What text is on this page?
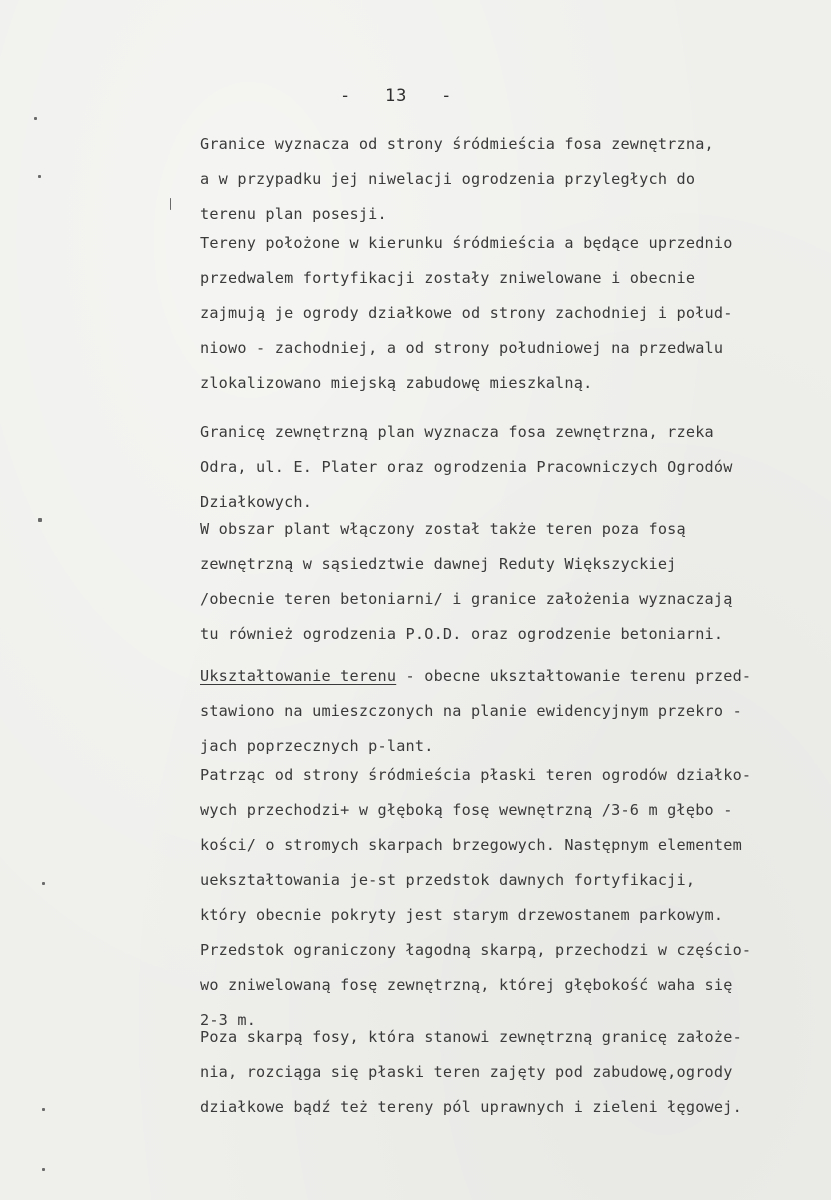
-   13   -
Granice wyznacza od strony śródmieścia fosa zewnętrzna,
a w przypadku jej niwelacji ogrodzenia przyległych do
terenu plan posesji.
Tereny położone w kierunku śródmieścia a będące uprzednio
przedwalem fortyfikacji zostały zniwelowane i obecnie
zajmują je ogrody działkowe od strony zachodniej i połud-
niowo - zachodniej, a od strony południowej na przedwalu
zlokalizowano miejską zabudowę mieszkalną.
Granicę zewnętrzną plan wyznacza fosa zewnętrzna, rzeka
Odra, ul. E. Plater oraz ogrodzenia Pracowniczych Ogrodów
Działkowych.
W obszar plant włączony został także teren poza fosą
zewnętrzną w sąsiedztwie dawnej Reduty Większyckiej
/obecnie teren betoniarni/ i granice założenia wyznaczają
tu również ogrodzenia P.O.D. oraz ogrodzenie betoniarni.
Ukształtowanie terenu - obecne ukształtowanie terenu przed-
stawiono na umieszczonych na planie ewidencyjnym przekro -
jach poprzecznych p-lant.
Patrząc od strony śródmieścia płaski teren ogrodów działko-
wych przechodzi+ w głęboką fosę wewnętrzną /3-6 m głębo -
kości/ o stromych skarpach brzegowych. Następnym elementem
uekształtowania je-st przedstok dawnych fortyfikacji,
który obecnie pokryty jest starym drzewostanem parkowym.
Przedstok ograniczony łagodną skarpą, przechodzi w częścio-
wo zniwelowaną fosę zewnętrzną, której głębokość waha się
2-3 m.
Poza skarpą fosy, która stanowi zewnętrzną granicę założe-
nia, rozciąga się płaski teren zajęty pod zabudowę,ogrody
działkowe bądź też tereny pól uprawnych i zieleni łęgowej.
